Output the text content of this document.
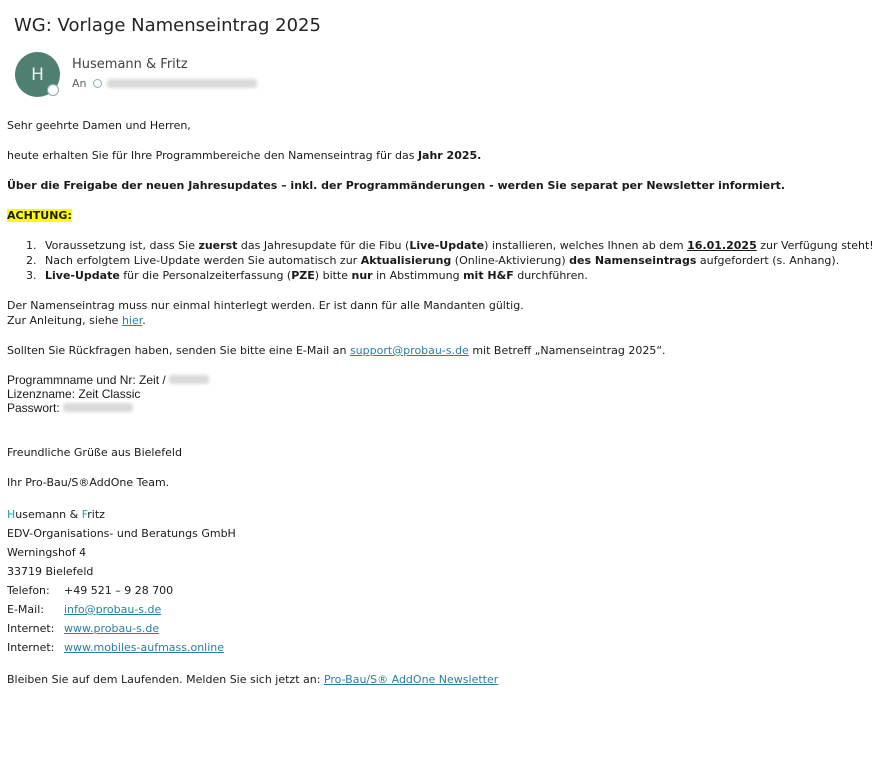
WG: Vorlage Namenseintrag 2025
H Husemann & Fritz
An

Sehr geehrte Damen und Herren,

heute erhalten Sie für Ihre Programmbereiche den Namenseintrag für das Jahr 2025.

Über die Freigabe der neuen Jahresupdates – inkl. der Programmänderungen - werden Sie separat per Newsletter informiert.

ACHTUNG:

1. Voraussetzung ist, dass Sie zuerst das Jahresupdate für die Fibu (Live-Update) installieren, welches Ihnen ab dem 16.01.2025 zur Verfügung steht!
2. Nach erfolgtem Live-Update werden Sie automatisch zur Aktualisierung (Online-Aktivierung) des Namenseintrags aufgefordert (s. Anhang).
3. Live-Update für die Personalzeiterfassung (PZE) bitte nur in Abstimmung mit H&F durchführen.

Der Namenseintrag muss nur einmal hinterlegt werden. Er ist dann für alle Mandanten gültig.

Zur Anleitung, siehe hier.

Sollten Sie Rückfragen haben, senden Sie bitte eine E-Mail an support@probau-s.de mit Betreff „Namenseintrag 2025“.

Programmname und Nr: Zeit /

Lizenzname: Zeit Classic

Passwort:

Freundliche Grüße aus Bielefeld

Ihr Pro-Bau/S®AddOne Team.

Husemann & Fritz

EDV-Organisations- und Beratungs GmbH

Werningshof 4

33719 Bielefeld

Telefon: +49 521 – 9 28 700

E-Mail: info@probau-s.de

Internet: www.probau-s.de

Internet: www.mobiles-aufmass.online

Bleiben Sie auf dem Laufenden. Melden Sie sich jetzt an: Pro-Bau/S® AddOne Newsletter
